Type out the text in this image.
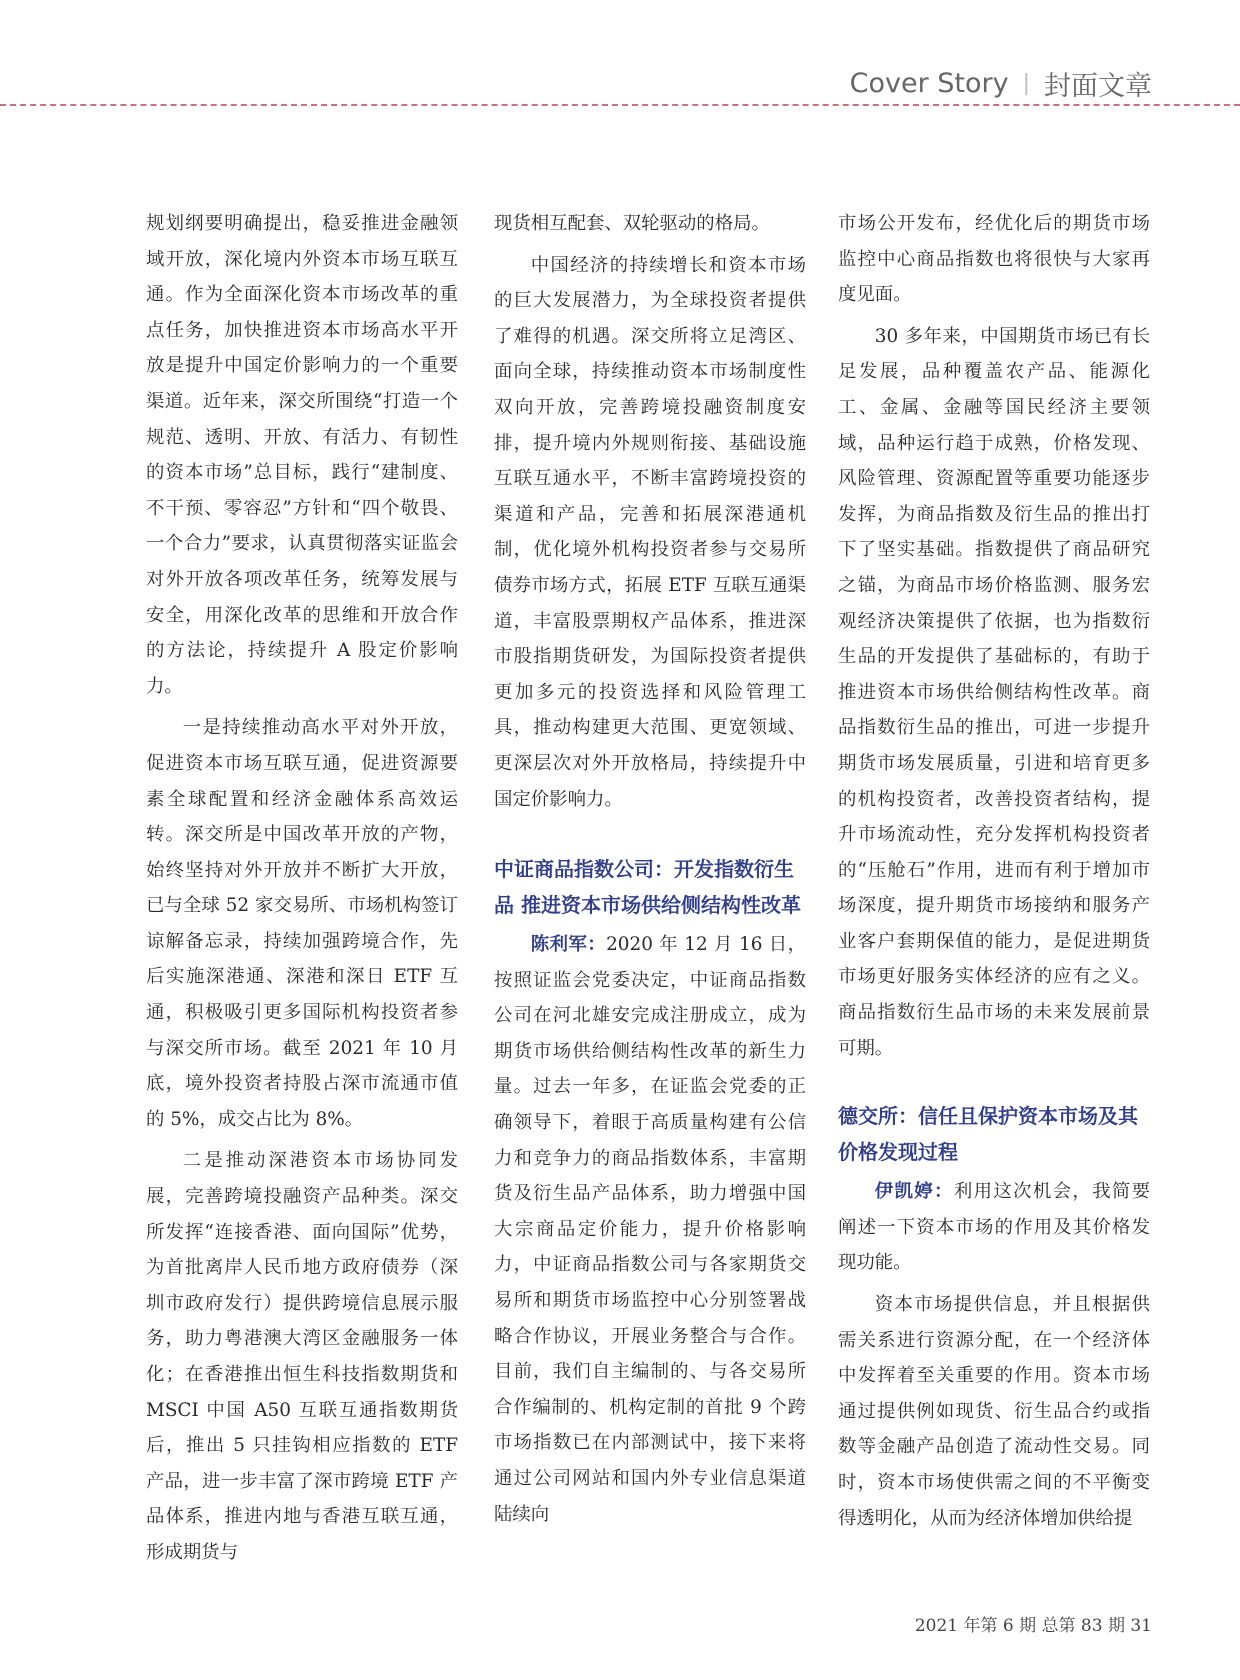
Cover Story | 封面文章

规划纲要明确提出，稳妥推进金融领域开放，深化境内外资本市场互联互通。作为全面深化资本市场改革的重点任务，加快推进资本市场高水平开放是提升中国定价影响力的一个重要渠道。近年来，深交所围绕“打造一个规范、透明、开放、有活力、有韧性的资本市场”总目标，践行“建制度、不干预、零容忍”方针和“四个敬畏、一个合力”要求，认真贯彻落实证监会对外开放各项改革任务，统筹发展与安全，用深化改革的思维和开放合作的方法论，持续提升 A 股定价影响力。

一是持续推动高水平对外开放，促进资本市场互联互通，促进资源要素全球配置和经济金融体系高效运转。深交所是中国改革开放的产物，始终坚持对外开放并不断扩大开放，已与全球 52 家交易所、市场机构签订谅解备忘录，持续加强跨境合作，先后实施深港通、深港和深日 ETF 互通，积极吸引更多国际机构投资者参与深交所市场。截至 2021 年 10 月底，境外投资者持股占深市流通市值的 5%，成交占比为 8%。

二是推动深港资本市场协同发展，完善跨境投融资产品种类。深交所发挥“连接香港、面向国际”优势，为首批离岸人民币地方政府债券（深圳市政府发行）提供跨境信息展示服务，助力粤港澳大湾区金融服务一体化；在香港推出恒生科技指数期货和 MSCI 中国 A50 互联互通指数期货后，推出 5 只挂钩相应指数的 ETF 产品，进一步丰富了深市跨境 ETF 产品体系，推进内地与香港互联互通，形成期货与

现货相互配套、双轮驱动的格局。

中国经济的持续增长和资本市场的巨大发展潜力，为全球投资者提供了难得的机遇。深交所将立足湾区、面向全球，持续推动资本市场制度性双向开放，完善跨境投融资制度安排，提升境内外规则衔接、基础设施互联互通水平，不断丰富跨境投资的渠道和产品，完善和拓展深港通机制，优化境外机构投资者参与交易所债券市场方式，拓展 ETF 互联互通渠道，丰富股票期权产品体系，推进深市股指期货研发，为国际投资者提供更加多元的投资选择和风险管理工具，推动构建更大范围、更宽领域、更深层次对外开放格局，持续提升中国定价影响力。

中证商品指数公司：开发指数衍生品 推进资本市场供给侧结构性改革

陈利军：2020 年 12 月 16 日，按照证监会党委决定，中证商品指数公司在河北雄安完成注册成立，成为期货市场供给侧结构性改革的新生力量。过去一年多，在证监会党委的正确领导下，着眼于高质量构建有公信力和竞争力的商品指数体系，丰富期货及衍生品产品体系，助力增强中国大宗商品定价能力，提升价格影响力，中证商品指数公司与各家期货交易所和期货市场监控中心分别签署战略合作协议，开展业务整合与合作。目前，我们自主编制的、与各交易所合作编制的、机构定制的首批 9 个跨市场指数已在内部测试中，接下来将通过公司网站和国内外专业信息渠道陆续向

市场公开发布，经优化后的期货市场监控中心商品指数也将很快与大家再度见面。

30 多年来，中国期货市场已有长足发展，品种覆盖农产品、能源化工、金属、金融等国民经济主要领域，品种运行趋于成熟，价格发现、风险管理、资源配置等重要功能逐步发挥，为商品指数及衍生品的推出打下了坚实基础。指数提供了商品研究之锚，为商品市场价格监测、服务宏观经济决策提供了依据，也为指数衍生品的开发提供了基础标的，有助于推进资本市场供给侧结构性改革。商品指数衍生品的推出，可进一步提升期货市场发展质量，引进和培育更多的机构投资者，改善投资者结构，提升市场流动性，充分发挥机构投资者的“压舱石”作用，进而有利于增加市场深度，提升期货市场接纳和服务产业客户套期保值的能力，是促进期货市场更好服务实体经济的应有之义。商品指数衍生品市场的未来发展前景可期。

德交所：信任且保护资本市场及其价格发现过程

伊凯婷：利用这次机会，我简要阐述一下资本市场的作用及其价格发现功能。

资本市场提供信息，并且根据供需关系进行资源分配，在一个经济体中发挥着至关重要的作用。资本市场通过提供例如现货、衍生品合约或指数等金融产品创造了流动性交易。同时，资本市场使供需之间的不平衡变得透明化，从而为经济体增加供给提

2021 年第 6 期 总第 83 期 31
